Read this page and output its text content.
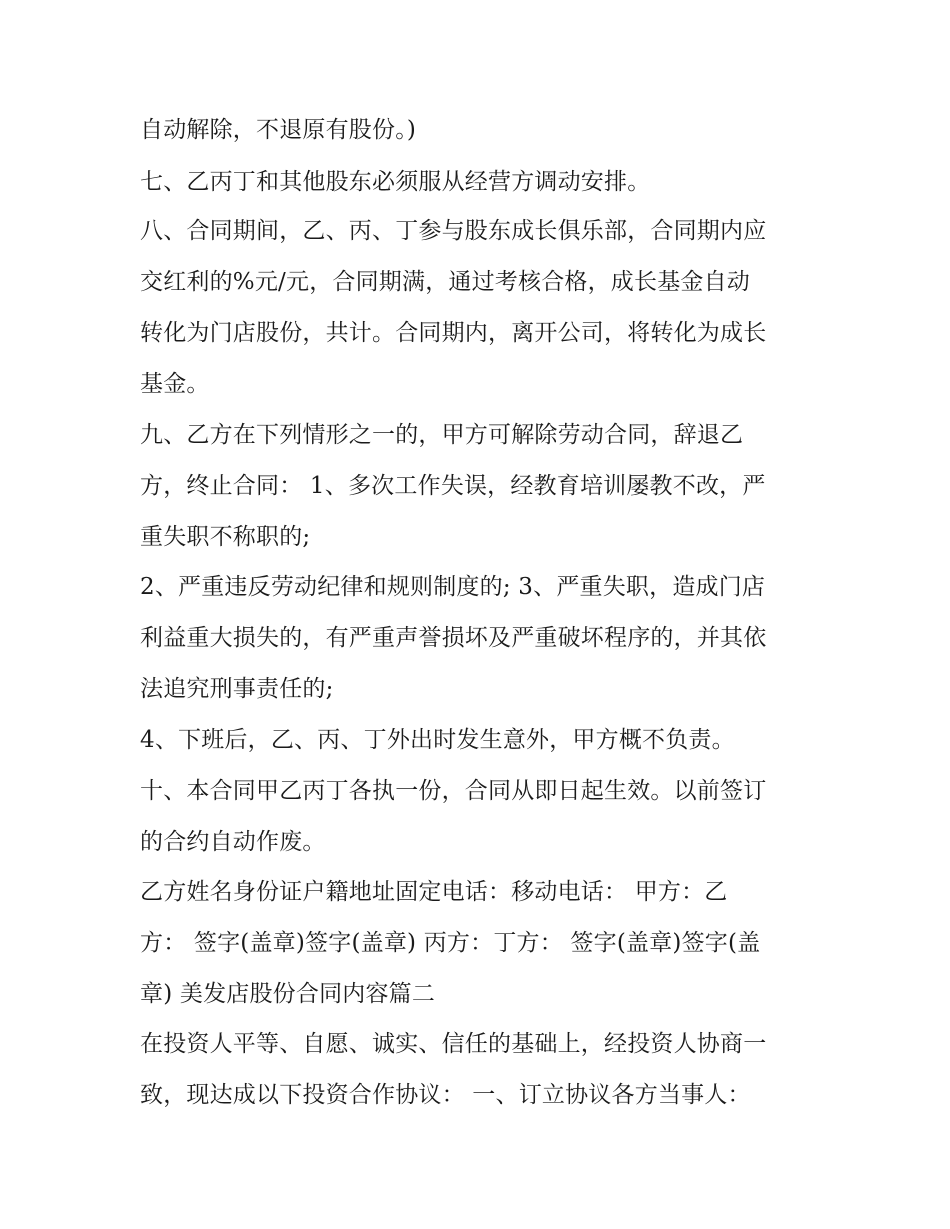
自动解除，不退原有股份。)
七、乙丙丁和其他股东必须服从经营方调动安排。
八、合同期间，乙、丙、丁参与股东成长俱乐部，合同期内应
交红利的%元/元，合同期满，通过考核合格，成长基金自动
转化为门店股份，共计。合同期内，离开公司，将转化为成长
基金。
九、乙方在下列情形之一的，甲方可解除劳动合同，辞退乙
方，终止合同： 1、多次工作失误，经教育培训屡教不改，严
重失职不称职的;
2、严重违反劳动纪律和规则制度的; 3、严重失职，造成门店
利益重大损失的，有严重声誉损坏及严重破坏程序的，并其依
法追究刑事责任的;
4、下班后，乙、丙、丁外出时发生意外，甲方概不负责。
十、本合同甲乙丙丁各执一份，合同从即日起生效。以前签订
的合约自动作废。
乙方姓名身份证户籍地址固定电话：移动电话： 甲方：乙
方： 签字(盖章)签字(盖章) 丙方：丁方： 签字(盖章)签字(盖
章) 美发店股份合同内容篇二
在投资人平等、自愿、诚实、信任的基础上，经投资人协商一
致，现达成以下投资合作协议： 一、订立协议各方当事人：
